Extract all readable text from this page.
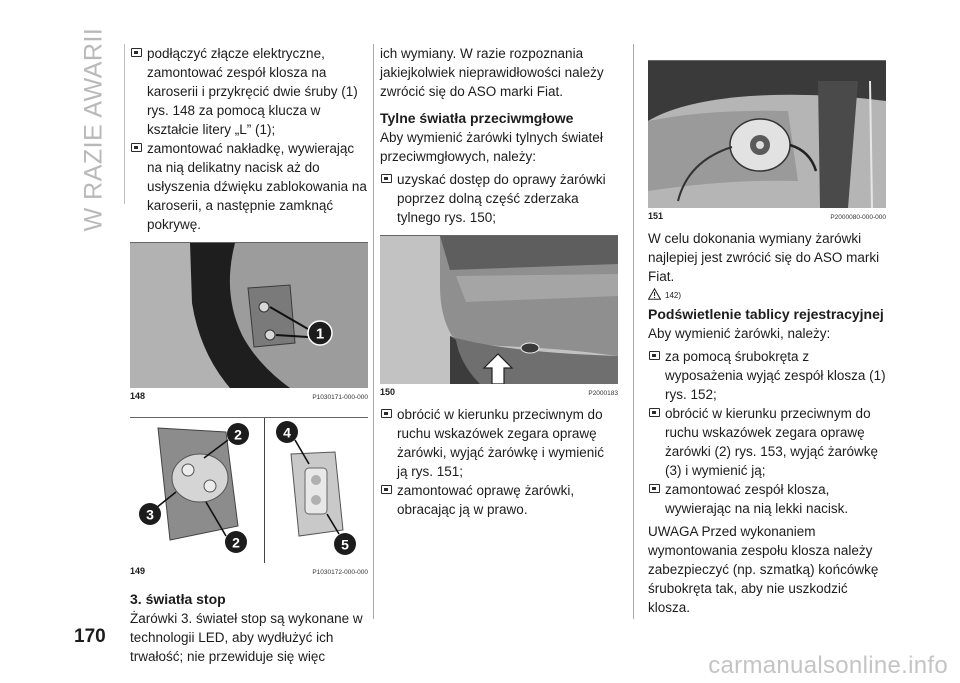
W RAZIE AWARII	podłączyć złącze elektryczne, zamontować zespół klosza na karoserii i przykręcić dwie śruby (1) rys. 148 za pomocą klucza w kształcie litery „L” (1);
zamontować nakładkę, wywierając na nią delikatny nacisk aż do usłyszenia dźwięku zablokowania na karoserii, a następnie zamknąć pokrywę.
1
148	P1030171-000-000
2
3
2
4
5
149	P1030172-000-000
3. światła stop
Żarówki 3. świateł stop są wykonane w technologii LED, aby wydłużyć ich trwałość; nie przewiduje się więc
ich wymiany. W razie rozpoznania jakiejkolwiek nieprawidłowości należy zwrócić się do ASO marki Fiat.
Tylne światła przeciwmgłowe
Aby wymienić żarówki tylnych świateł przeciwmgłowych, należy:
uzyskać dostęp do oprawy żarówki poprzez dolną część zderzaka tylnego rys. 150;
150	P2000183
obrócić w kierunku przeciwnym do ruchu wskazówek zegara oprawę żarówki, wyjąć żarówkę i wymienić ją rys. 151;
zamontować oprawę żarówki, obracając ją w prawo.
151	P2000080-000-000
W celu dokonania wymiany żarówki najlepiej jest zwrócić się do ASO marki Fiat.
142)
Podświetlenie tablicy rejestracyjnej
Aby wymienić żarówki, należy:
za pomocą śrubokręta z wyposażenia wyjąć zespół klosza (1) rys. 152;
obrócić w kierunku przeciwnym do ruchu wskazówek zegara oprawę żarówki (2) rys. 153, wyjąć żarówkę (3) i wymienić ją;
zamontować zespół klosza, wywierając na nią lekki nacisk.
UWAGA Przed wykonaniem wymontowania zespołu klosza należy zabezpieczyć (np. szmatką) końcówkę śrubokręta tak, aby nie uszkodzić klosza.
170
carmanualsonline.info
